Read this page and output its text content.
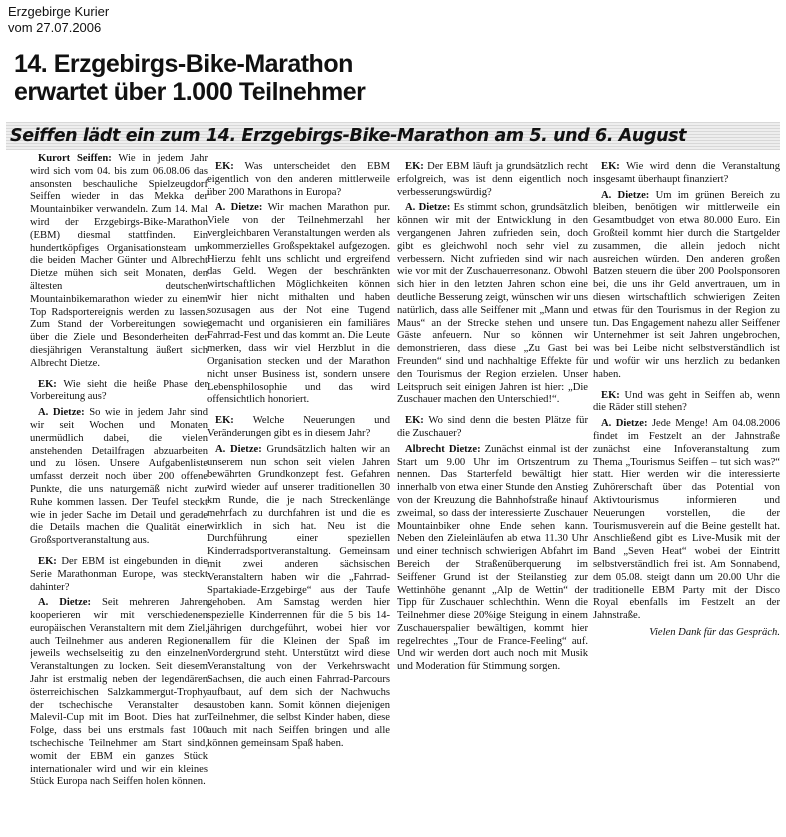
Erzgebirge Kurier
vom 27.07.2006
14. Erzgebirgs-Bike-Marathon
erwartet über 1.000 Teilnehmer
Seiffen lädt ein zum 14. Erzgebirgs-Bike-Marathon am 5. und 6. August

Kurort Seiffen: Wie in jedem Jahr wird sich vom 04. bis zum 06.08.06 das ansonsten beschauliche Spielzeugdorf Seiffen wieder in das Mekka der Mountainbiker verwandeln. Zum 14. Mal wird der Erzgebirgs-Bike-Marathon (EBM) diesmal stattfinden. Ein hundertköpfiges Organisationsteam um die beiden Macher Günter und Albrecht Dietze mühen sich seit Monaten, den ältesten deutschen Mountainbikemarathon wieder zu einem Top Radsportereignis werden zu lassen. Zum Stand der Vorbereitungen sowie über die Ziele und Besonderheiten der diesjährigen Veranstaltung äußert sich Albrecht Dietze.

EK: Wie sieht die heiße Phase der Vorbereitung aus?

A. Dietze: So wie in jedem Jahr sind wir seit Wochen und Monaten unermüdlich dabei, die vielen anstehenden Detailfragen abzuarbeiten und zu lösen. Unsere Aufgabenliste umfasst derzeit noch über 200 offene Punkte, die uns naturgemäß nicht zur Ruhe kommen lassen. Der Teufel steckt wie in jeder Sache im Detail und gerade die Details machen die Qualität einer Großsportveranstaltung aus.

EK: Der EBM ist eingebunden in die Serie Marathonman Europe, was steckt dahinter?

A. Dietze: Seit mehreren Jahren kooperieren wir mit verschiedenen europäischen Veranstaltern mit dem Ziel, auch Teilnehmer aus anderen Regionen jeweils wechselseitig zu den einzelnen Veranstaltungen zu locken. Seit diesem Jahr ist erstmalig neben der legendären österreichischen Salzkammergut-Trophy der tschechische Veranstalter des Malevil-Cup mit im Boot. Dies hat zur Folge, dass bei uns erstmals fast 100 tschechische Teilnehmer am Start sind, womit der EBM ein ganzes Stück internationaler wird und wir ein kleines Stück Europa nach Seiffen holen können.

EK: Was unterscheidet den EBM eigentlich von den anderen mittlerweile über 200 Marathons in Europa?

A. Dietze: Wir machen Marathon pur. Viele von der Teilnehmerzahl her vergleichbaren Veranstaltungen werden als kommerzielles Großspektakel aufgezogen. Hierzu fehlt uns schlicht und ergreifend das Geld. Wegen der beschränkten wirtschaftlichen Möglichkeiten können wir hier nicht mithalten und haben sozusagen aus der Not eine Tugend gemacht und organisieren ein familiäres Fahrrad-Fest und das kommt an. Die Leute merken, dass wir viel Herzblut in die Organisation stecken und der Marathon nicht unser Business ist, sondern unsere Lebensphilosophie und das wird offensichtlich honoriert.

EK: Welche Neuerungen und Veränderungen gibt es in diesem Jahr?

A. Dietze: Grundsätzlich halten wir an unserem nun schon seit vielen Jahren bewährten Grundkonzept fest. Gefahren wird wieder auf unserer traditionellen 30 km Runde, die je nach Streckenlänge mehrfach zu durchfahren ist und die es wirklich in sich hat. Neu ist die Durchführung einer speziellen Kinderradsportveranstaltung. Gemeinsam mit zwei anderen sächsischen Veranstaltern haben wir die „Fahrrad-Spartakiade-Erzgebirge“ aus der Taufe gehoben. Am Samstag werden hier spezielle Kinderrennen für die 5 bis 14-jährigen durchgeführt, wobei hier vor allem für die Kleinen der Spaß im Vordergrund steht. Unterstützt wird diese Veranstaltung von der Verkehrswacht Sachsen, die auch einen Fahrrad-Parcours aufbaut, auf dem sich der Nachwuchs austoben kann. Somit können diejenigen Teilnehmer, die selbst Kinder haben, diese auch mit nach Seiffen bringen und alle können gemeinsam Spaß haben.

EK: Der EBM läuft ja grundsätzlich recht erfolgreich, was ist denn eigentlich noch verbesserungswürdig?

A. Dietze: Es stimmt schon, grundsätzlich können wir mit der Entwicklung in den vergangenen Jahren zufrieden sein, doch gibt es gleichwohl noch sehr viel zu verbessern. Nicht zufrieden sind wir nach wie vor mit der Zuschauerresonanz. Obwohl sich hier in den letzten Jahren schon eine deutliche Besserung zeigt, wünschen wir uns natürlich, dass alle Seiffener mit „Mann und Maus“ an der Strecke stehen und unsere Gäste anfeuern. Nur so können wir demonstrieren, dass diese „Zu Gast bei Freunden“ sind und nachhaltige Effekte für den Tourismus der Region erzielen. Unser Leitspruch seit einigen Jahren ist hier: „Die Zuschauer machen den Unterschied!“.

EK: Wo sind denn die besten Plätze für die Zuschauer?

Albrecht Dietze: Zunächst einmal ist der Start um 9.00 Uhr im Ortszentrum zu nennen. Das Starterfeld bewältigt hier innerhalb von etwa einer Stunde den Anstieg von der Kreuzung die Bahnhofstraße hinauf zweimal, so dass der interessierte Zuschauer Mountainbiker ohne Ende sehen kann. Neben den Zieleinläufen ab etwa 11.30 Uhr und einer technisch schwierigen Abfahrt im Bereich der Straßenüberquerung im Seiffener Grund ist der Steilanstieg zur Wettinhöhe genannt „Alp de Wettin“ der Tipp für Zuschauer schlechthin. Wenn die Teilnehmer diese 20%ige Steigung in einem Zuschauerspalier bewältigen, kommt hier regelrechtes „Tour de France-Feeling“ auf. Und wir werden dort auch noch mit Musik und Moderation für Stimmung sorgen.

EK: Wie wird denn die Veranstaltung insgesamt überhaupt finanziert?

A. Dietze: Um im grünen Bereich zu bleiben, benötigen wir mittlerweile ein Gesamtbudget von etwa 80.000 Euro. Ein Großteil kommt hier durch die Startgelder zusammen, die allein jedoch nicht ausreichen würden. Den anderen großen Batzen steuern die über 200 Poolsponsoren bei, die uns ihr Geld anvertrauen, um in diesen wirtschaftlich schwierigen Zeiten etwas für den Tourismus in der Region zu tun. Das Engagement nahezu aller Seiffener Unternehmer ist seit Jahren ungebrochen, was bei Leibe nicht selbstverständlich ist und wofür wir uns herzlich zu bedanken haben.

EK: Und was geht in Seiffen ab, wenn die Räder still stehen?

A. Dietze: Jede Menge! Am 04.08.2006 findet im Festzelt an der Jahnstraße zunächst eine Infoveranstaltung zum Thema „Tourismus Seiffen – tut sich was?“ statt. Hier werden wir die interessierte Zuhörerschaft über das Potential von Aktivtourismus informieren und Neuerungen vorstellen, die der Tourismusverein auf die Beine gestellt hat. Anschließend gibt es Live-Musik mit der Band „Seven Heat“ wobei der Eintritt selbstverständlich frei ist. Am Sonnabend, dem 05.08. steigt dann um 20.00 Uhr die traditionelle EBM Party mit der Disco Royal ebenfalls im Festzelt an der Jahnstraße.

Vielen Dank für das Gespräch.
